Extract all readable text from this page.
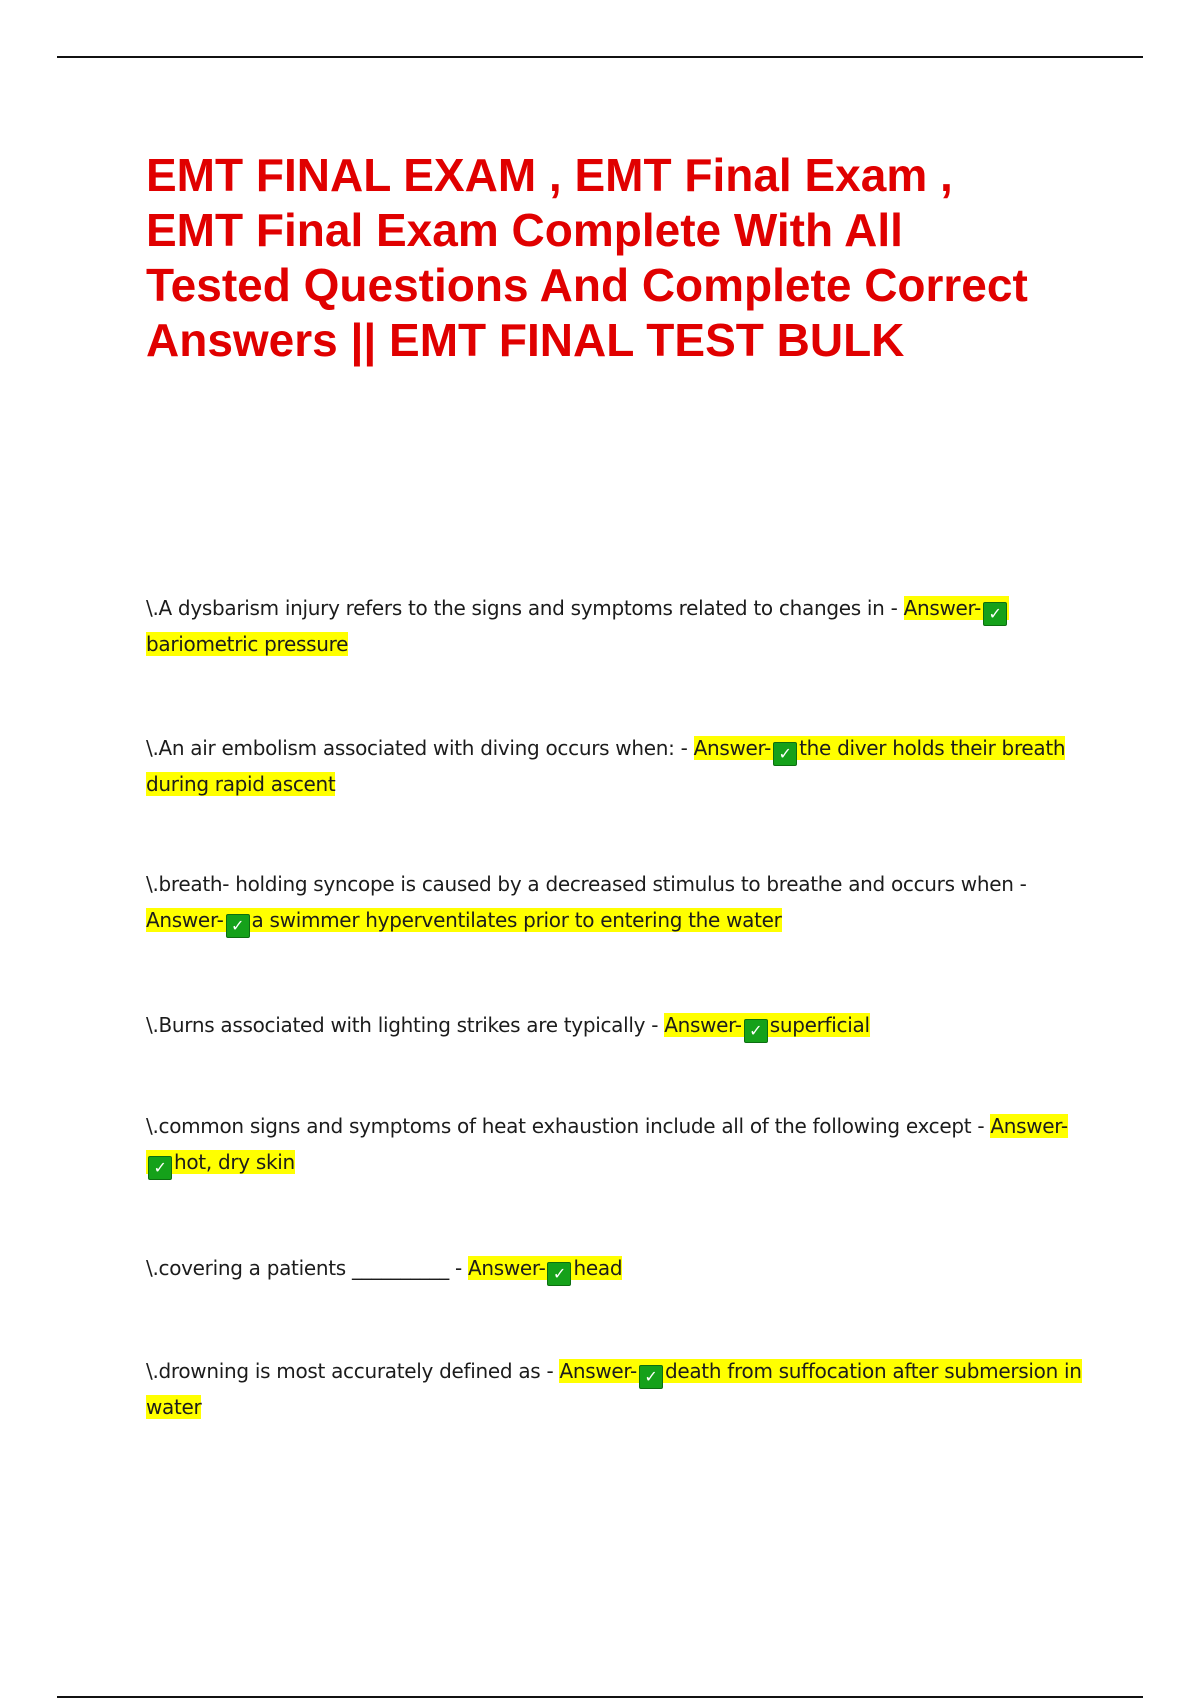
EMT FINAL EXAM , EMT Final Exam , EMT Final Exam Complete With All Tested Questions And Complete Correct Answers || EMT FINAL TEST BULK

\.A dysbarism injury refers to the signs and symptoms related to changes in - Answer- ✓bariometric pressure

\.An air embolism associated with diving occurs when: - Answer- ✓ the diver holds their breath during rapid ascent

\.breath- holding syncope is caused by a decreased stimulus to breathe and occurs when - Answer- ✓ a swimmer hyperventilates prior to entering the water

\.Burns associated with lighting strikes are typically - Answer- ✓ superficial

\.common signs and symptoms of heat exhaustion include all of the following except - Answer-✓ hot, dry skin

\.covering a patients __________ - Answer- ✓ head

\.drowning is most accurately defined as - Answer- ✓ death from suffocation after submersion in water
